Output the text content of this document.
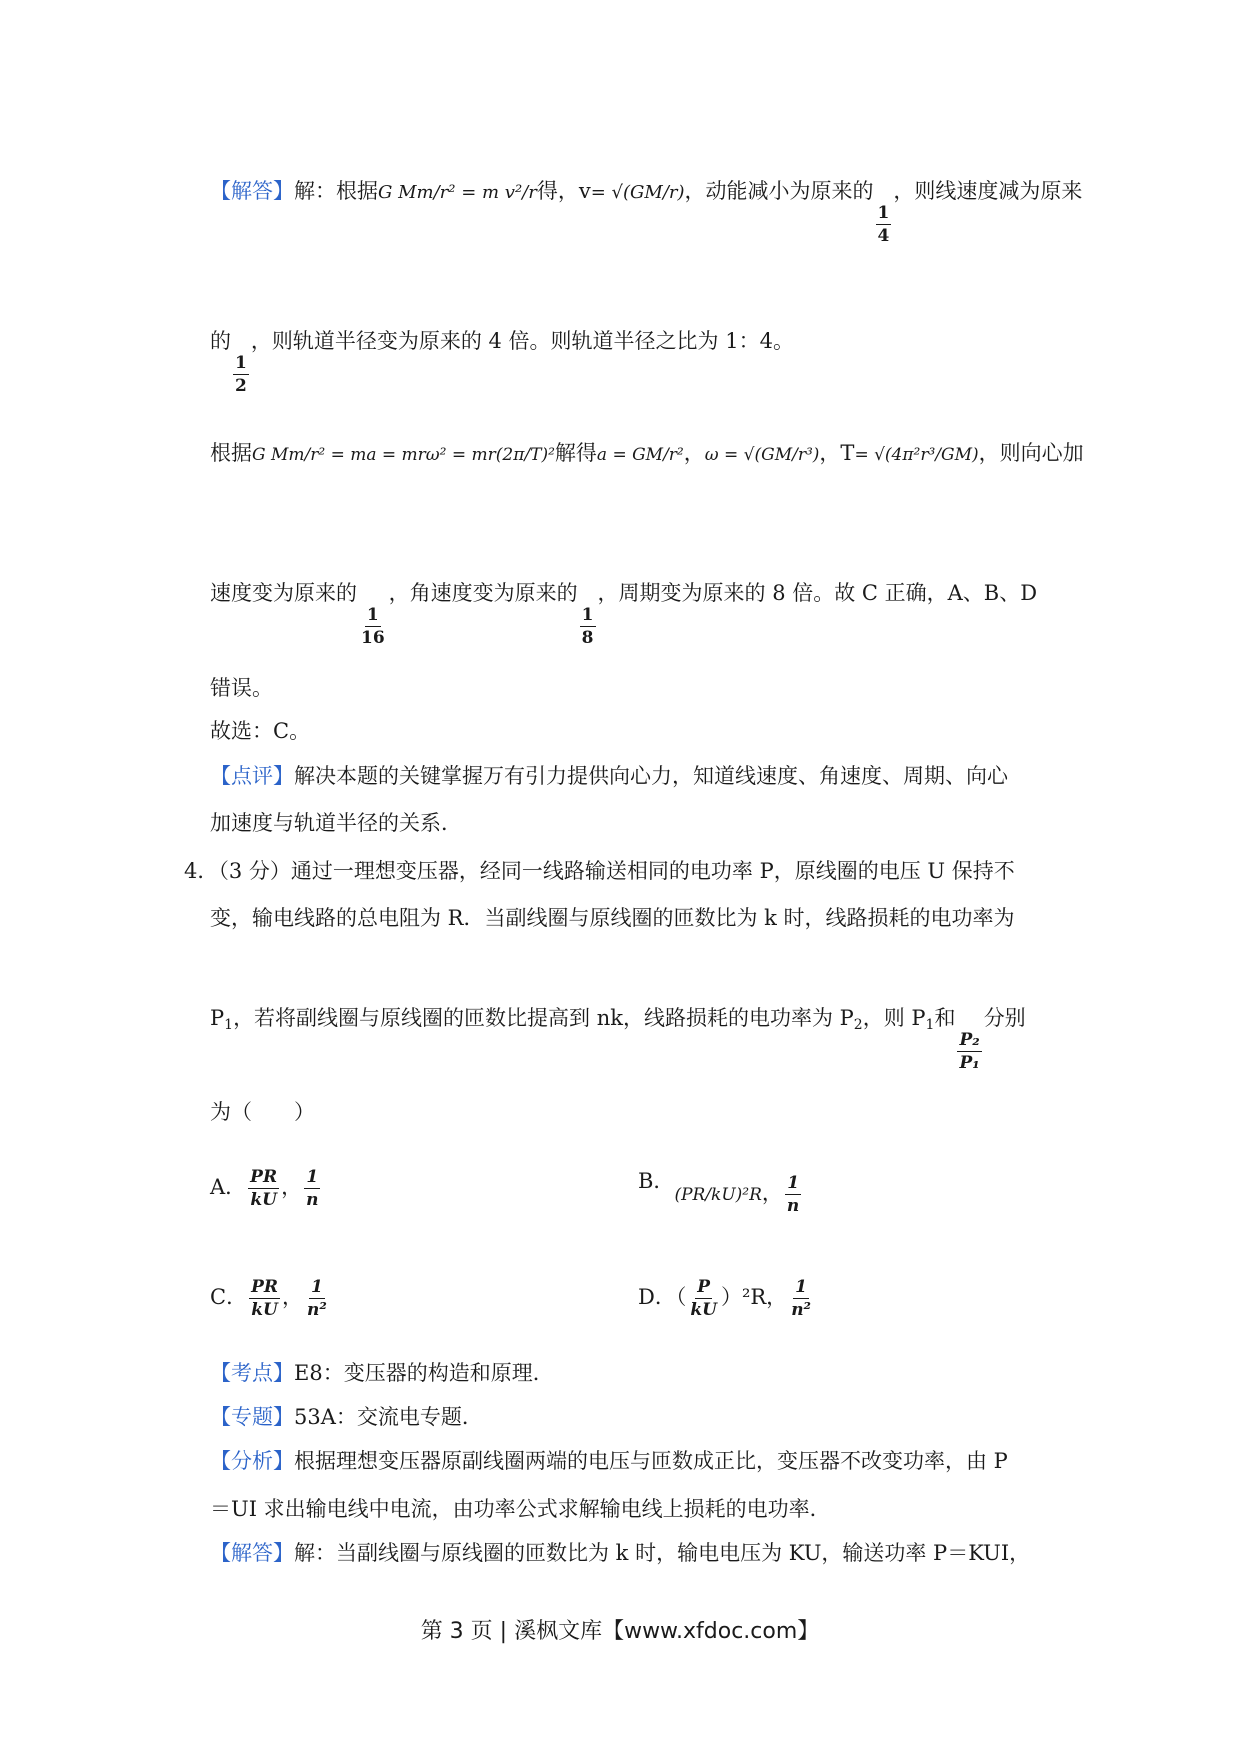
【解答】解：根据G Mm/r² = m v²/r得，v= √(GM/r)，动能减小为原来的
$\frac{1}{4}$
，则线速度减为原来
的
$\frac{1}{2}$
，则轨道半径变为原来的 4 倍。则轨道半径之比为 1：4。
根据G Mm/r² = ma = mrω² = mr(2π/T)²解得a = GM/r²，ω = √(GM/r³)，T= √(4π²r³/GM)，则向心加
速度变为原来的
$\frac{1}{16}$
，角速度变为原来的
$\frac{1}{8}$
，周期变为原来的 8 倍。故 C 正确，A、B、D
错误。
故选：C。
【点评】解决本题的关键掌握万有引力提供向心力，知道线速度、角速度、周期、向心
加速度与轨道半径的关系．
4．（3 分）通过一理想变压器，经同一线路输送相同的电功率 P，原线圈的电压 U 保持不
变，输电线路的总电阻为 R．当副线圈与原线圈的匝数比为 k 时，线路损耗的电功率为
$P_1$，若将副线圈与原线圈的匝数比提高到 nk，线路损耗的电功率为 $P_2$，则 $P_1$和
$\frac{\text{P₂}}{\text{P₁}}$
分别
为（　　）
A． $\frac{PR}{kU}$ ， $\frac{1}{n}$	B．(PR/kU)²R， $\frac{1}{n}$
C． $\frac{PR}{kU}$ ， $\frac{1}{\text{n²}}$	D．（ $\frac{P}{kU} )^2R$， $\frac{1}{\text{n²}}$
【考点】E8：变压器的构造和原理．
【专题】53A：交流电专题．
【分析】根据理想变压器原副线圈两端的电压与匝数成正比，变压器不改变功率，由 P
＝UI 求出输电线中电流，由功率公式求解输电线上损耗的电功率．
【解答】解：当副线圈与原线圈的匝数比为 k 时，输电电压为 KU，输送功率 P＝KUI，
第 3 页 | 溪枫文库【www.xfdoc.com】
